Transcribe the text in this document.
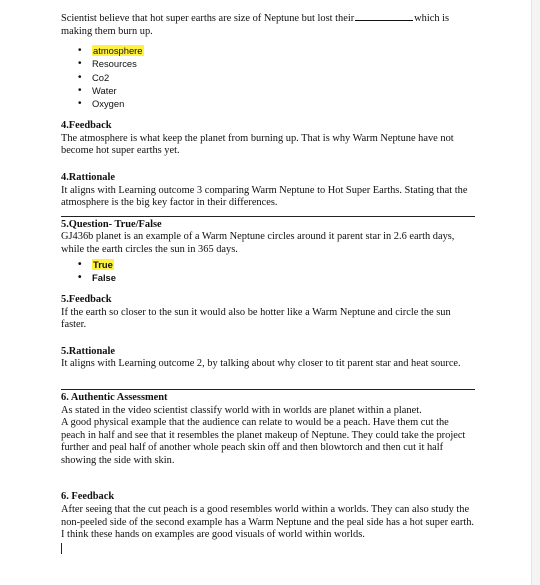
Scientist believe that hot super earths are size of Neptune but lost their	which is making them burn up.

• atmosphere
• Resources
• Co2
• Water
• Oxygen
4.Feedback

The atmosphere is what keep the planet from burning up. That is why Warm Neptune have not become hot super earths yet.

4.Rattionale

It aligns with Learning outcome 3 comparing Warm Neptune to Hot Super Earths. Stating that the atmosphere is the big key factor in their differences.

5.Question- True/False

GJ436b planet is an example of a Warm Neptune circles around it parent star in 2.6 earth days, while the earth circles the sun in 365 days.

• True
• False
5.Feedback

If the earth so closer to the sun it would also be hotter like a Warm Neptune and circle the sun faster.

5.Rattionale

It aligns with Learning outcome 2, by talking about why closer to tit parent star and heat source.

6. Authentic Assessment

As stated in the video scientist classify world with in worlds are planet within a planet.

A good physical example that the audience can relate to would be a peach. Have them cut the peach in half and see that it resembles the planet makeup of Neptune. They could take the project further and peal half of another whole peach skin off and then blowtorch and then cut it half showing the side with skin.

6. Feedback

After seeing that the cut peach is a good resembles world within a worlds. They can also study the non-peeled side of the second example has a Warm Neptune and the peal side has a hot super earth. I think these hands on examples are good visuals of world within worlds.
